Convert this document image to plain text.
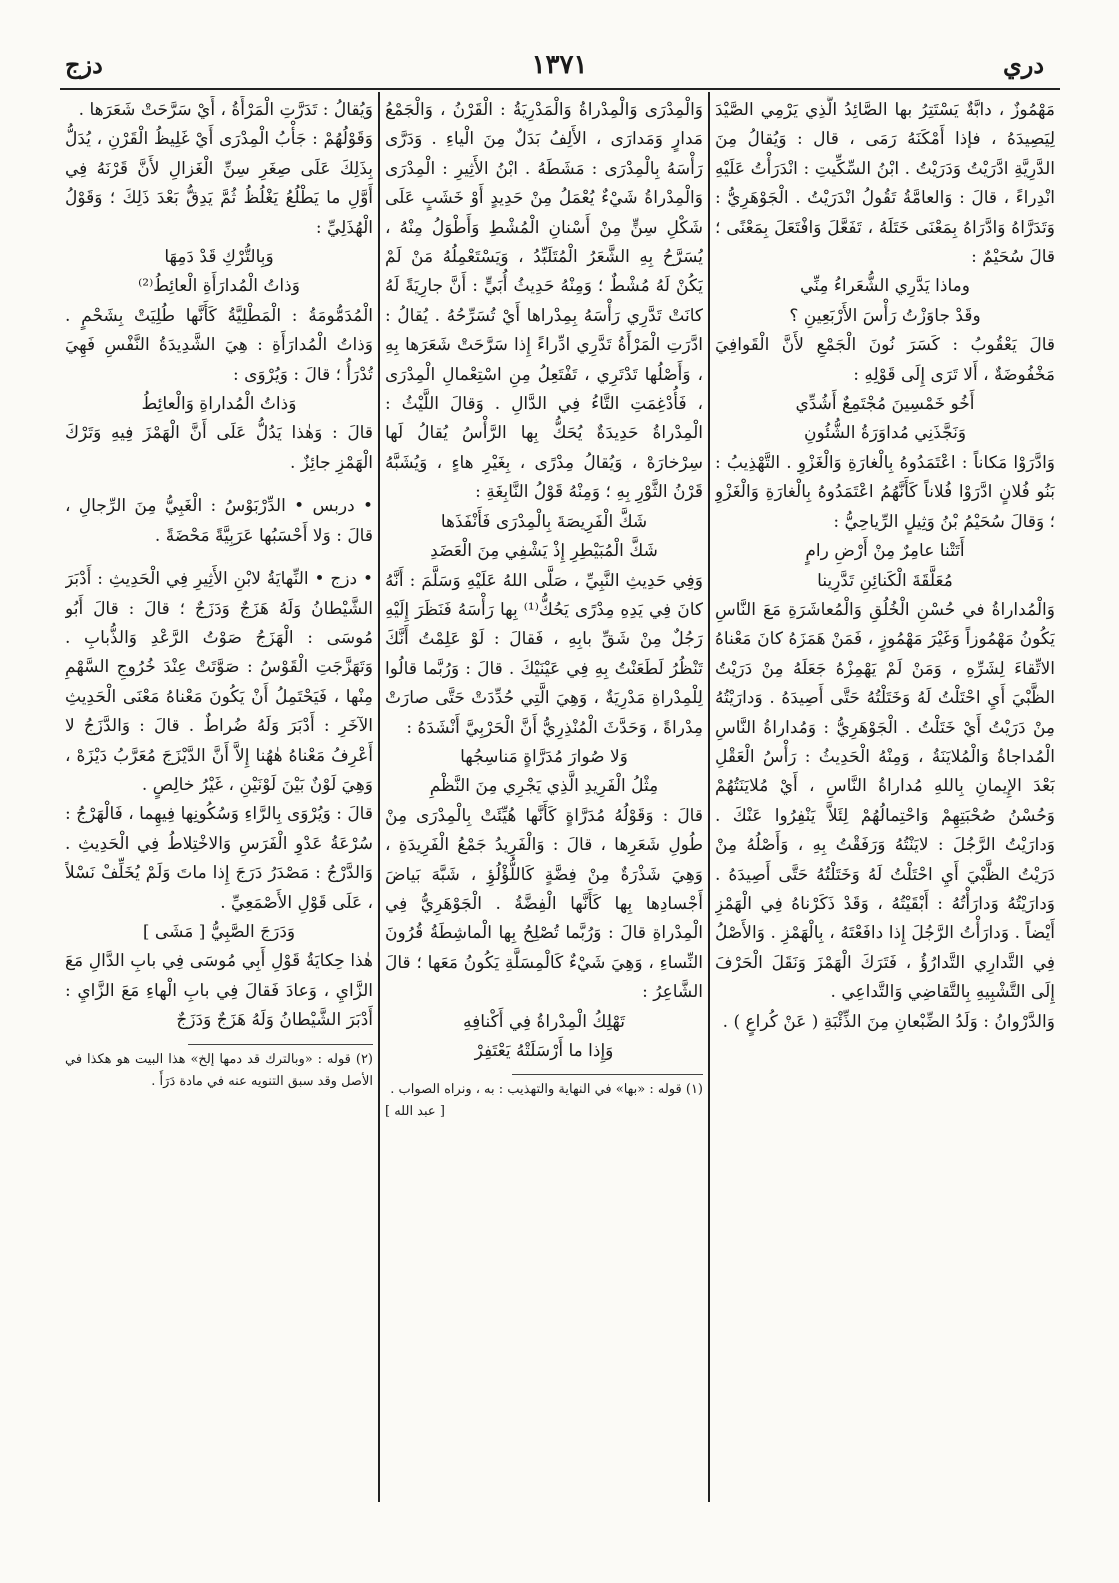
دري
١٣٧١
دزج

مَهْمُوزٌ ، دابَّةٌ يَسْتَتِرُ بها الصَّائِدُ الَّذِي يَرْمِي الصَّيْدَ لِيَصِيدَهُ ، فإذا أَمْكَنَهُ رَمَى ، قال : وَيُقالُ مِنَ الدَّرِيَّةِ ادَّرَيْتُ وَدَرَيْتُ . ابْنُ السِّكِّيتِ : انْدَرَأْتُ عَلَيْهِ انْدِراءً ، قالَ : وَالعامَّةُ تَقُولُ انْدَرَيْتُ . الْجَوْهَرِيُّ : وَتَدَرَّاهُ وَادَّرَاهُ بِمَعْنَى خَتَلَهُ ، تَفَعَّلَ وَافْتَعَلَ بِمَعْنًى ؛ قالَ سُحَيْمٌ :

وماذا يَدَّرِي الشُّعَراءُ مِنِّي

وقَدْ جاوَزْتُ رَأْسَ الأَرْبَعِينِ ؟

قالَ يَعْقُوبُ : كَسَرَ نُونَ الْجَمْعِ لأَنَّ الْقَوافِيَ مَخْفُوضَةٌ ، أَلا تَرَى إِلَى قَوْلِهِ :

أَخُو خَمْسِينَ مُجْتَمِعٌ أَشُدِّي

وَنَجَّذَنِي مُداوَرَةُ الشُّئُونِ

وَادَّرَوْا مَكاناً : اعْتَمَدُوهُ بِالْغارَةِ وَالْغَزْوِ . التَّهْذِيبُ : بَنُو فُلانٍ ادَّرَوْا فُلاناً كَأَنَّهُمُ اعْتَمَدُوهُ بِالْغارَةِ وَالْغَزْوِ ؛ وَقالَ سُحَيْمُ بْنُ وَثِيلٍ الرِّياحِيُّ :

أَتَتْنا عامِرٌ مِنْ أَرْضِ رامٍ

مُعَلَّقَةَ الْكَنائِنِ تَدَّرِينا

وَالْمُداراةُ في حُسْنِ الْخُلُقِ وَالْمُعاشَرَةِ مَعَ النَّاسِ يَكُونُ مَهْمُوزاً وَغَيْرَ مَهْمُوزٍ ، فَمَنْ هَمَزَهُ كانَ مَعْناهُ الاتِّقاءَ لِشَرِّهِ ، وَمَنْ لَمْ يَهْمِزْهُ جَعَلَهُ مِنْ دَرَيْتُ الظَّبْيَ أَيِ احْتَلْتُ لَهُ وَخَتَلْتُهُ حَتَّى أَصِيدَهُ . وَدارَيْتُهُ مِنْ دَرَيْتُ أَيْ خَتَلْتُ . الْجَوْهَرِيُّ : وَمُداراةُ النَّاسِ الْمُداجاةُ وَالْمُلايَنَةُ ، وَمِنْهُ الْحَدِيثُ : رَأْسُ الْعَقْلِ بَعْدَ الإِيمانِ بِاللهِ مُداراةُ النَّاسِ ، أَيْ مُلايَنَتُهُمْ وَحُسْنُ صُحْبَتِهِمْ وَاحْتِمالُهُمْ لِئَلاَّ يَنْفِرُوا عَنْكَ . وَدارَيْتُ الرَّجُلَ : لايَنْتُهُ وَرَفَقْتُ بِهِ ، وَأَصْلُهُ مِنْ دَرَيْتُ الظَّبْيَ أَيِ احْتَلْتُ لَهُ وَخَتَلْتُهُ حَتَّى أَصِيدَهُ . وَدارَيْتُهُ وَدارَأْتُهُ : أَبْقَيْتُهُ ، وَقَدْ ذَكَرْناهُ فِي الْهَمْزِ أَيْضاً . وَدارَأْتُ الرَّجُلَ إِذا دافَعْتَهُ ، بِالْهَمْزِ . وَالأَصْلُ فِي التَّدارِي التَّدارُؤُ ، فَتَرَكَ الْهَمْزَ وَنَقَلَ الْحَرْفَ إِلَى التَّشْبِيهِ بِالتَّقاضِي وَالتَّداعِي .

وَالدَّرْوانُ : وَلَدُ الضِّبْعانِ مِنَ الذِّئْبَةِ ( عَنْ كُراعٍ ) .

وَالْمِدْرَى وَالْمِدْراةُ وَالْمَدْرِيَةُ : الْقَرْنُ ، وَالْجَمْعُ مَدارٍ وَمَدارَى ، الأَلِفُ بَدَلٌ مِنَ الْياءِ . وَدَرَّى رَأْسَهُ بِالْمِدْرَى : مَشَطَهُ . ابْنُ الأَثِيرِ : الْمِدْرَى وَالْمِدْراةُ شَيْءٌ يُعْمَلُ مِنْ حَدِيدٍ أَوْ خَشَبٍ عَلَى شَكْلِ سِنٍّ مِنْ أَسْنانِ الْمُشْطِ وَأَطْوَلُ مِنْهُ ، يُسَرَّحُ بِهِ الشَّعَرُ الْمُتَلَبِّدُ ، وَيَسْتَعْمِلُهُ مَنْ لَمْ يَكُنْ لَهُ مُشْطٌ ؛ وَمِنْهُ حَدِيثُ أُبَيٍّ : أَنَّ جارِيَةً لَهُ كانَتْ تَدَّرِي رَأْسَهُ بِمِدْراها أَيْ تُسَرِّحُهُ . يُقالُ : ادَّرَتِ الْمَرْأَةُ تَدَّرِي ادِّراءً إِذا سَرَّحَتْ شَعَرَها بِهِ ، وَأَصْلُها تَدْتَرِي ، تَفْتَعِلُ مِنِ اسْتِعْمالِ الْمِدْرَى ، فَأُدْغِمَتِ التَّاءُ فِي الدَّالِ . وَقالَ اللَّيْثُ : الْمِدْراةُ حَدِيدَةٌ يُحَكُّ بِها الرَّأْسُ يُقالُ لَها سِرْخارَهْ ، وَيُقالُ مِدْرًى ، بِغَيْرِ هاءٍ ، وَيُشَبَّهُ قَرْنُ الثَّوْرِ بِهِ ؛ وَمِنْهُ قَوْلُ النَّابِغَةِ :

شَكَّ الْفَرِيصَةَ بِالْمِدْرَى فَأَنْفَذَها

شَكَّ الْمُبَيْطِرِ إِذْ يَشْفِي مِنَ الْعَضَدِ

وَفِي حَدِيثِ النَّبِيِّ ، صَلَّى اللهُ عَلَيْهِ وَسَلَّمَ : أَنَّهُ كانَ فِي يَدِهِ مِدْرًى يَحُكُّ⁽¹⁾ بِها رَأْسَهُ فَنَظَرَ إِلَيْهِ رَجُلٌ مِنْ شَقِّ بابِهِ ، فَقالَ : لَوْ عَلِمْتُ أَنَّكَ تَنْظُرُ لَطَعَنْتُ بِهِ فِي عَيْنَيْكَ . قالَ : وَرُبَّما قالُوا لِلْمِدْراةِ مَدْرِيَةٌ ، وَهِيَ الَّتِي حُدِّدَتْ حَتَّى صارَتْ مِدْراةً ، وَحَدَّثَ الْمُنْذِرِيُّ أَنَّ الْحَرْبِيَّ أَنْشَدَهُ :

وَلا صُوارَ مُدَرَّاةٍ مَناسِجُها

مِثْلُ الْفَرِيدِ الَّذِي يَجْرِي مِنَ النَّظْمِ

قالَ : وَقَوْلُهُ مُدَرَّاةٍ كَأَنَّها هُيِّئَتْ بِالْمِدْرَى مِنْ طُولِ شَعَرِها ، قالَ : وَالْفَرِيدُ جَمْعُ الْفَرِيدَةِ ، وَهِيَ شَذْرَةٌ مِنْ فِضَّةٍ كَاللُّؤْلُؤِ ، شَبَّهَ بَياضَ أَجْسادِها بِها كَأَنَّها الْفِضَّةُ . الْجَوْهَرِيُّ فِي الْمِدْراةِ قالَ : وَرُبَّما تُصْلِحُ بِها الْماشِطَةُ قُرُونَ النِّساءِ ، وَهِيَ شَيْءٌ كَالْمِسَلَّةِ يَكُونُ مَعَها ؛ قالَ الشَّاعِرُ :

تَهْلِكُ الْمِدْراةُ فِي أَكْنافِهِ

وَإِذا ما أَرْسَلَتْهُ يَعْتَفِرْ

(١) قوله : «بها» في النهاية والتهذيب : به ، ونراه الصواب .

[ عبد الله ]

وَيُقالُ : تَدَرَّتِ الْمَرْأَةُ ، أَيْ سَرَّحَتْ شَعَرَها .

وَقَوْلُهُمْ : جَأْبُ الْمِدْرَى أَيْ غَلِيظُ الْقَرْنِ ، يُدَلُّ بِذَلِكَ عَلَى صِغَرِ سِنِّ الْغَزالِ لأَنَّ قَرْنَهُ فِي أَوَّلِ ما يَطْلُعُ يَغْلُظُ ثُمَّ يَدِقُّ بَعْدَ ذَلِكَ ؛ وَقَوْلُ الْهُذَلِيِّ :

وَبِالتُّرْكِ قَدْ دَمِهَا

وَذاتُ الْمُدارَأَةِ الْعائِطُ⁽²⁾

الْمُدَمُّومَةُ : الْمَطْلِيَّةُ كَأَنَّها طُلِيَتْ بِشَحْمٍ . وَذاتُ الْمُدارَأَةِ : هِيَ الشَّدِيدَةُ النَّفْسِ فَهِيَ تُدْرَأُ ؛ قالَ : وَيُرْوَى :

وَذاتُ الْمُداراةِ وَالْعائِطُ

قالَ : وَهٰذا يَدُلُّ عَلَى أَنَّ الْهَمْزَ فِيهِ وَتَرْكَ الْهَمْزِ جائِزٌ .

• دربس • الدِّرْبَوْسُ : الْغَبِيُّ مِنَ الرِّجالِ ، قالَ : وَلا أَحْسَبُها عَرَبِيَّةً مَحْضَةً .

• دزج • النِّهايَةُ لابْنِ الأَثِيرِ فِي الْحَدِيثِ : أَدْبَرَ الشَّيْطانُ وَلَهُ هَزَجٌ وَدَزَجٌ ؛ قالَ : قالَ أَبُو مُوسَى : الْهَزَجُ صَوْتُ الرَّعْدِ وَالذُّبابِ . وَتَهَزَّجَتِ الْقَوْسُ : صَوَّتَتْ عِنْدَ خُرُوجِ السَّهْمِ مِنْها ، فَيَحْتَمِلُ أَنْ يَكُونَ مَعْناهُ مَعْنَى الْحَدِيثِ الآخَرِ : أَدْبَرَ وَلَهُ ضُراطٌ . قالَ : وَالدَّزَجُ لا أَعْرِفُ مَعْناهُ هٰهُنا إِلاَّ أَنَّ الدَّيْزَجَ مُعَرَّبُ دَيْزَهْ ، وَهِيَ لَوْنٌ بَيْنَ لَوْنَيْنِ ، غَيْرُ خالِصٍ .

قالَ : وَيُرْوَى بِالرَّاءِ وَسُكُونِها فِيهِما ، فَالْهَرْجُ : سُرْعَةُ عَدْوِ الْفَرَسِ وَالاخْتِلاطُ فِي الْحَدِيثِ . وَالدَّرْجُ : مَصْدَرُ دَرَجَ إِذا ماتَ وَلَمْ يُخَلِّفْ نَسْلاً ، عَلَى قَوْلِ الأَصْمَعِيِّ .

وَدَرَجَ الصَّبِيُّ [ مَشَى ]

هٰذا حِكايَةُ قَوْلِ أَبِي مُوسَى فِي بابِ الدَّالِ مَعَ الزَّايِ ، وَعادَ فَقالَ فِي بابِ الْهاءِ مَعَ الزَّايِ : أَدْبَرَ الشَّيْطانُ وَلَهُ هَزَجٌ وَدَزَجٌ

(٢) قوله : «وبالترك قد دمها إلخ» هذا البيت هو هكذا في الأصل وقد سبق التنويه عنه في مادة دَرَأَ .
